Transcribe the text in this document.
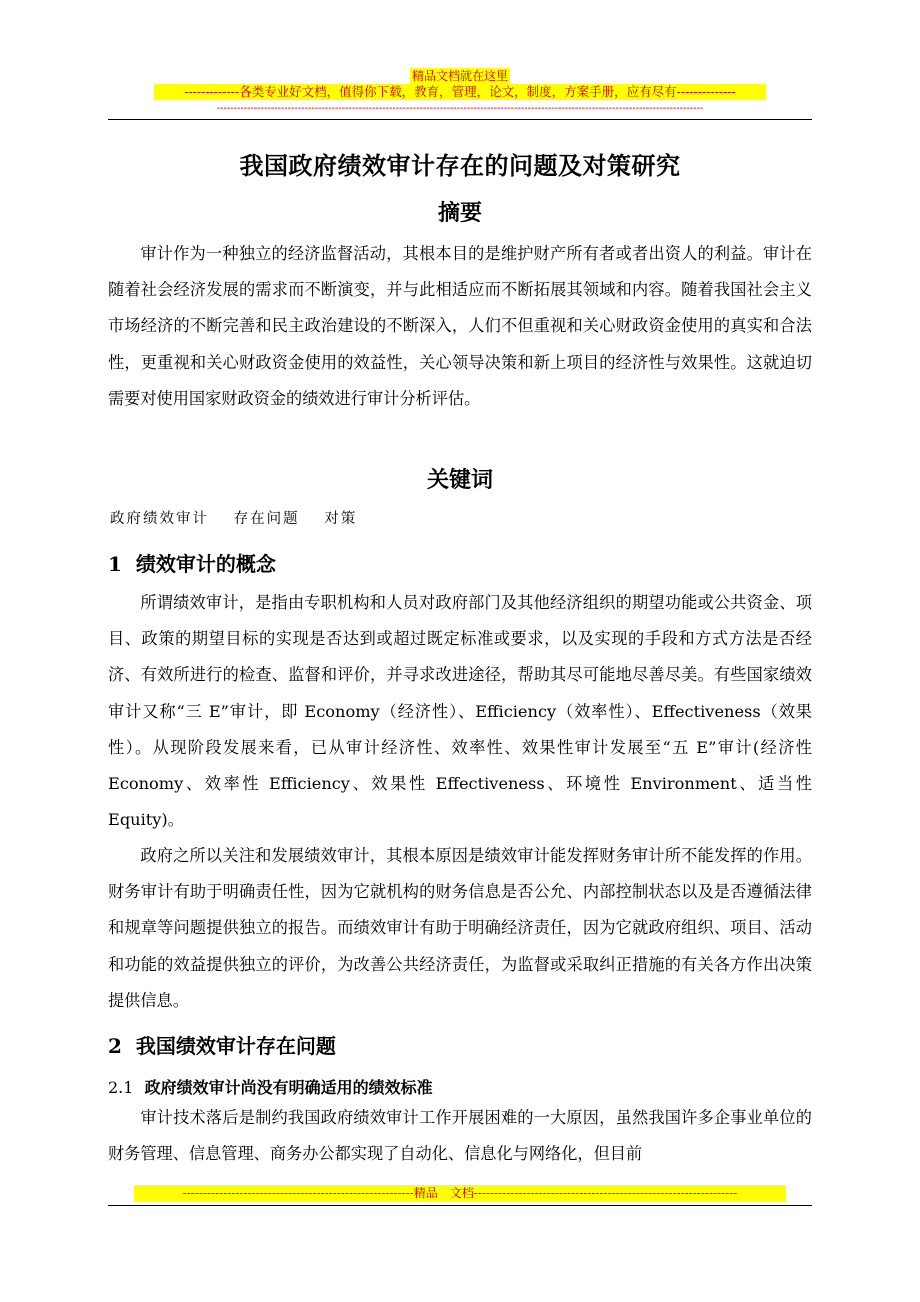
精品文档就在这里
-------------各类专业好文档，值得你下载，教育，管理，论文，制度，方案手册，应有尽有--------------
------------------------------------------------------------------------------------------------------------------------------------------------
我国政府绩效审计存在的问题及对策研究
摘要

审计作为一种独立的经济监督活动，其根本目的是维护财产所有者或者出资人的利益。审计在随着社会经济发展的需求而不断演变，并与此相适应而不断拓展其领域和内容。随着我国社会主义市场经济的不断完善和民主政治建设的不断深入，人们不但重视和关心财政资金使用的真实和合法性，更重视和关心财政资金使用的效益性，关心领导决策和新上项目的经济性与效果性。这就迫切需要对使用国家财政资金的绩效进行审计分析评估。

关键词
政府绩效审计 存在问题 对策
1 绩效审计的概念

所谓绩效审计，是指由专职机构和人员对政府部门及其他经济组织的期望功能或公共资金、项目、政策的期望目标的实现是否达到或超过既定标准或要求，以及实现的手段和方式方法是否经济、有效所进行的检查、监督和评价，并寻求改进途径，帮助其尽可能地尽善尽美。有些国家绩效审计又称“三 E”审计，即 Economy（经济性）、Efficiency（效率性）、Effectiveness（效果性）。从现阶段发展来看，已从审计经济性、效率性、效果性审计发展至“五 E”审计(经济性 Economy、效率性 Efficiency、效果性 Effectiveness、环境性 Environment、适当性 Equity)。

政府之所以关注和发展绩效审计，其根本原因是绩效审计能发挥财务审计所不能发挥的作用。财务审计有助于明确责任性，因为它就机构的财务信息是否公允、内部控制状态以及是否遵循法律和规章等问题提供独立的报告。而绩效审计有助于明确经济责任，因为它就政府组织、项目、活动和功能的效益提供独立的评价，为改善公共经济责任，为监督或采取纠正措施的有关各方作出决策提供信息。

2 我国绩效审计存在问题
2.1 政府绩效审计尚没有明确适用的绩效标准

审计技术落后是制约我国政府绩效审计工作开展困难的一大原因，虽然我国许多企事业单位的财务管理、信息管理、商务办公都实现了自动化、信息化与网络化，但目前

---------------------------------------------------------精品　文档-----------------------------------------------------------------
